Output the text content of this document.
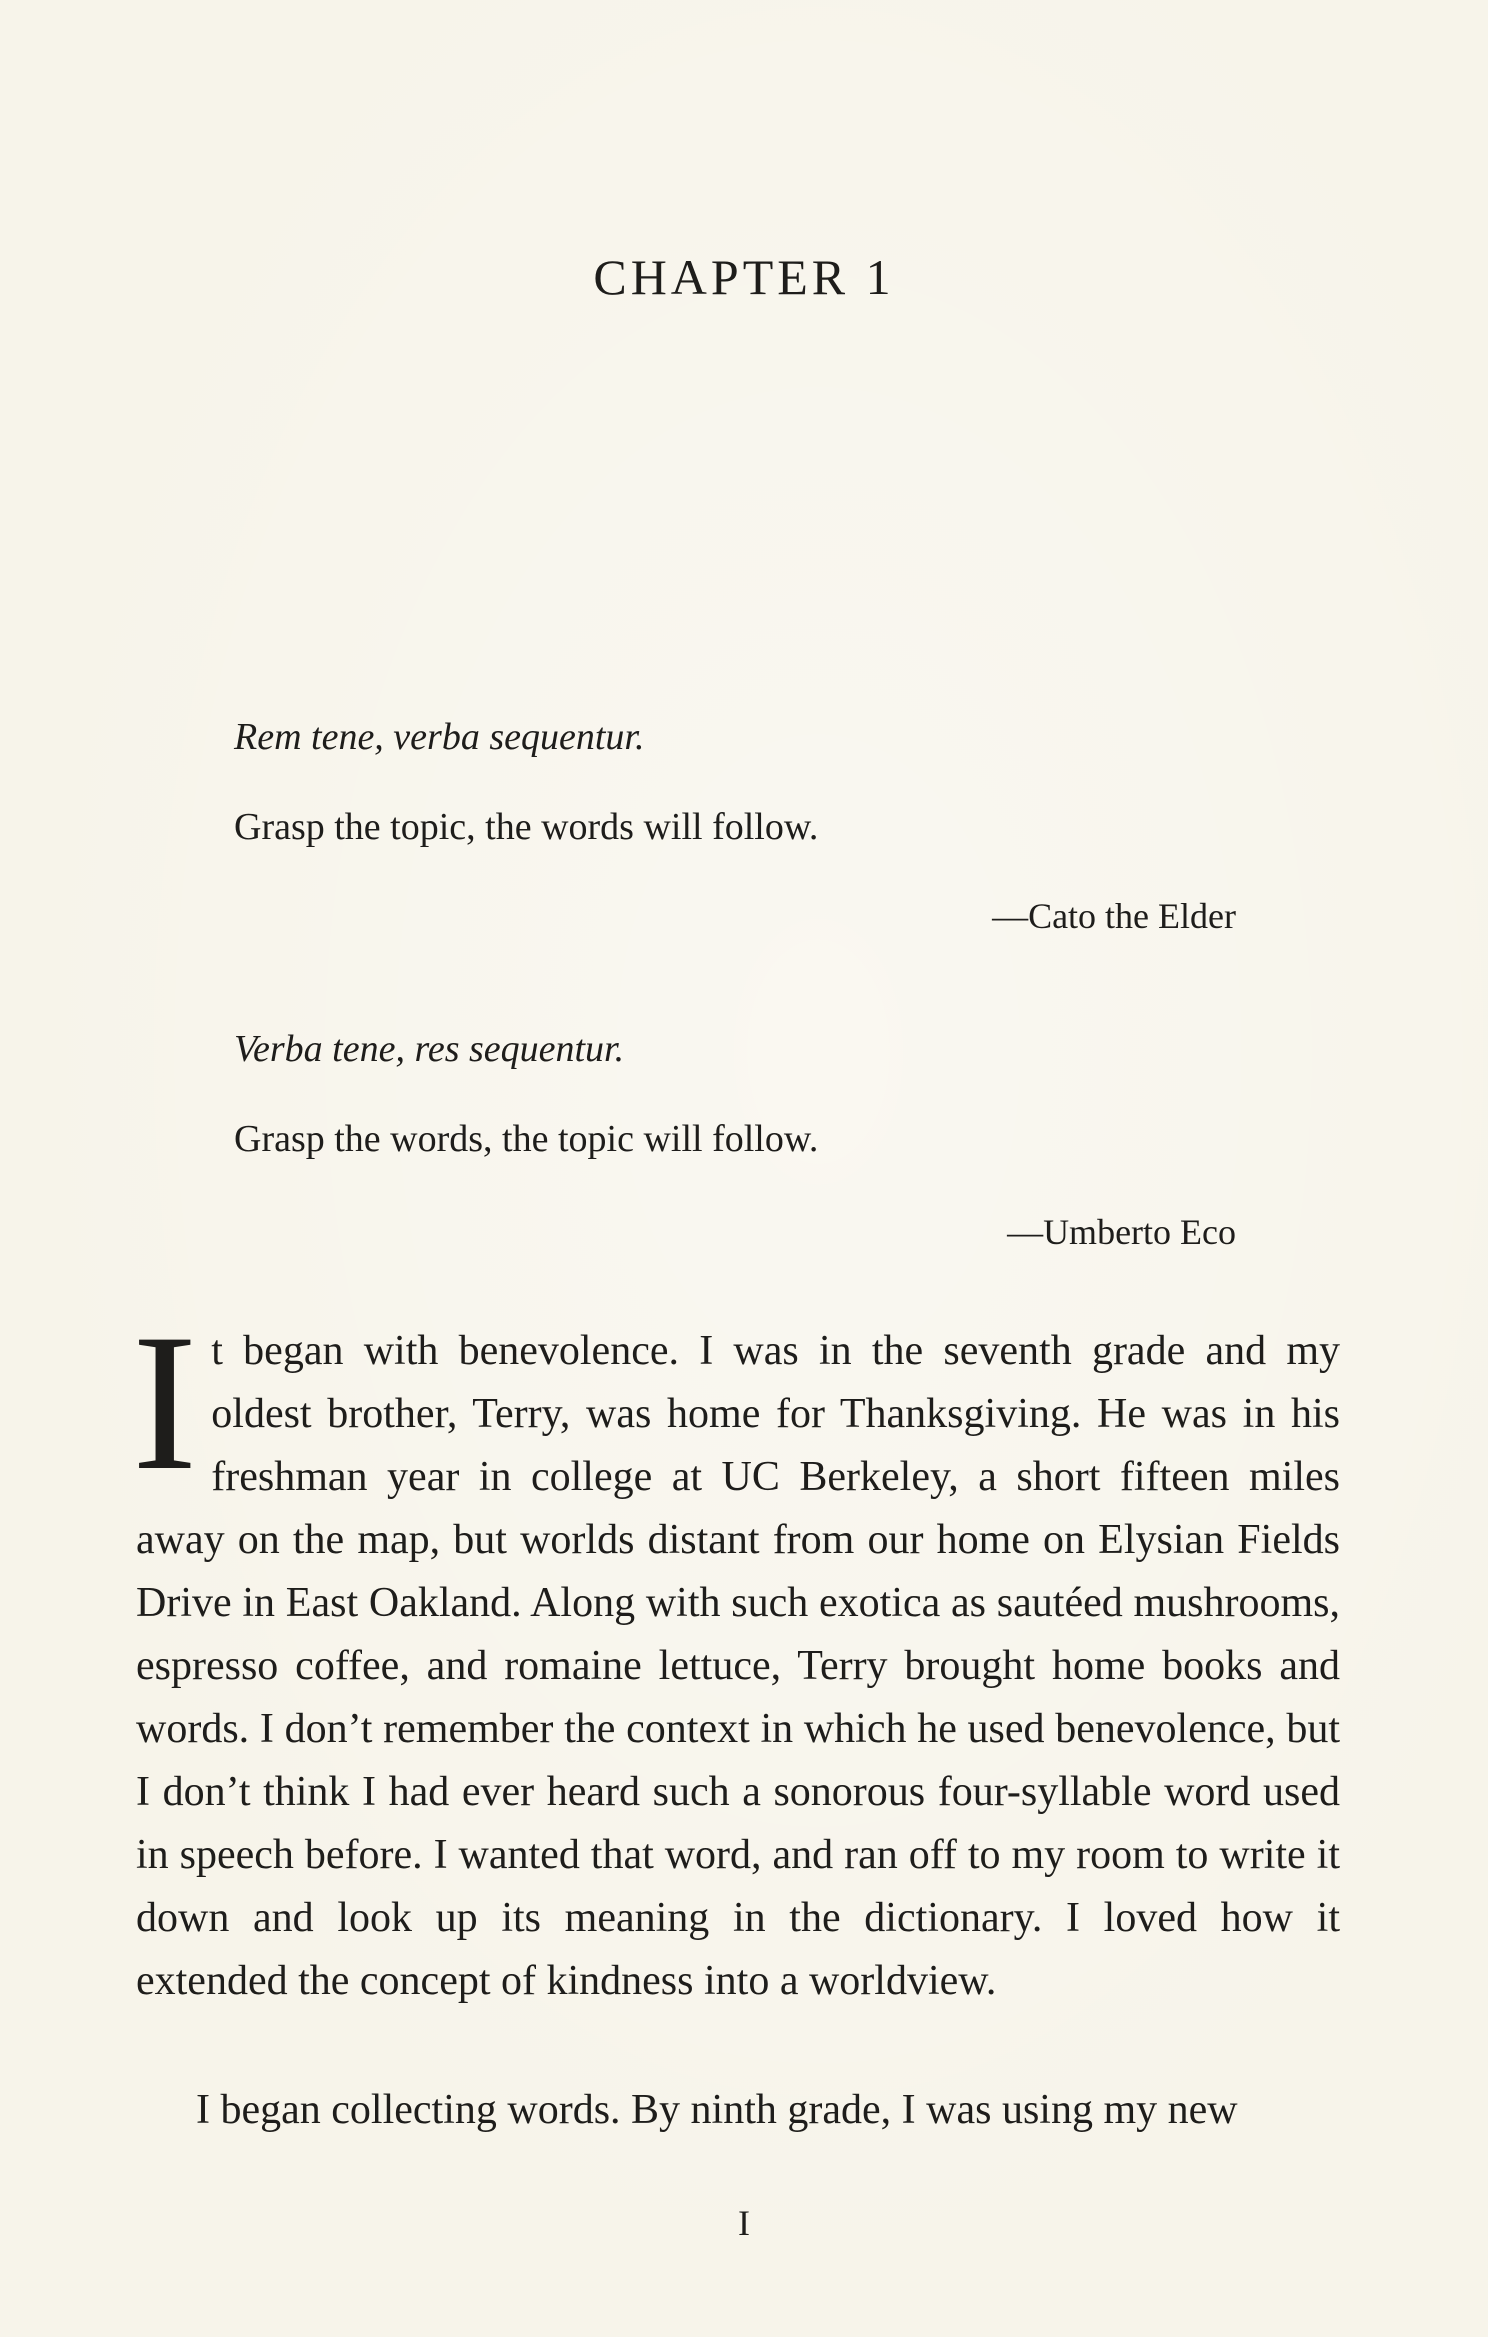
CHAPTER 1

Rem tene, verba sequentur.

Grasp the topic, the words will follow.

—Cato the Elder

Verba tene, res sequentur.

Grasp the words, the topic will follow.

—Umberto Eco

It began with benevolence. I was in the seventh grade and my oldest brother, Terry, was home for Thanksgiving. He was in his freshman year in college at UC Berkeley, a short fifteen miles away on the map, but worlds distant from our home on Elysian Fields Drive in East Oakland. Along with such exotica as sautéed mushrooms, espresso coffee, and romaine lettuce, Terry brought home books and words. I don’t remember the context in which he used benevolence, but I don’t think I had ever heard such a sonorous four-syllable word used in speech before. I wanted that word, and ran off to my room to write it down and look up its meaning in the dictionary. I loved how it extended the concept of kindness into a worldview.

I began collecting words. By ninth grade, I was using my new

I
